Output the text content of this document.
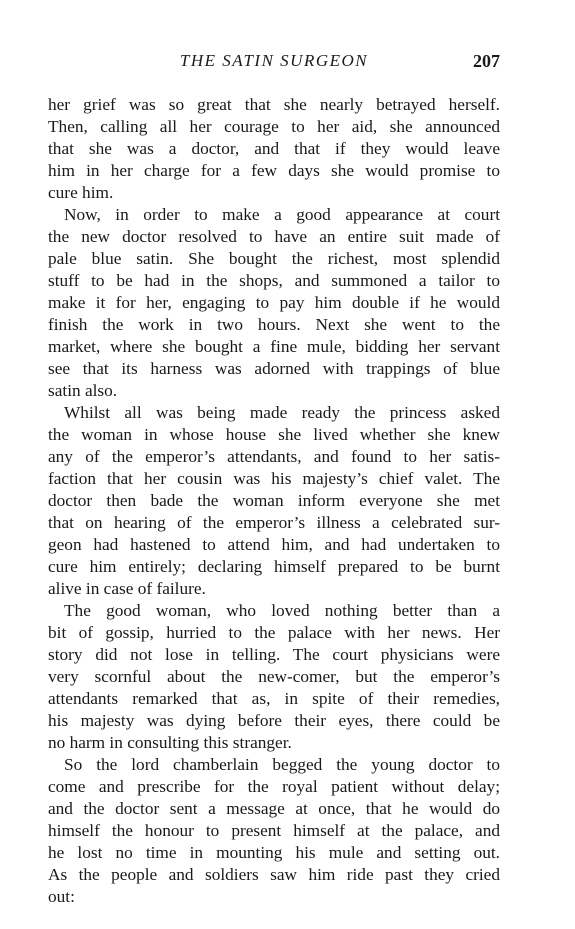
THE SATIN SURGEON	207
her grief was so great that she nearly betrayed herself.
Then, calling all her courage to her aid, she announced
that she was a doctor, and that if they would leave
him in her charge for a few days she would promise to
cure him.
Now, in order to make a good appearance at court
the new doctor resolved to have an entire suit made of
pale blue satin. She bought the richest, most splendid
stuff to be had in the shops, and summoned a tailor to
make it for her, engaging to pay him double if he would
finish the work in two hours. Next she went to the
market, where she bought a fine mule, bidding her servant
see that its harness was adorned with trappings of blue
satin also.
Whilst all was being made ready the princess asked
the woman in whose house she lived whether she knew
any of the emperor’s attendants, and found to her satis-
faction that her cousin was his majesty’s chief valet. The
doctor then bade the woman inform everyone she met
that on hearing of the emperor’s illness a celebrated sur-
geon had hastened to attend him, and had undertaken to
cure him entirely; declaring himself prepared to be burnt
alive in case of failure.
The good woman, who loved nothing better than a
bit of gossip, hurried to the palace with her news. Her
story did not lose in telling. The court physicians were
very scornful about the new-comer, but the emperor’s
attendants remarked that as, in spite of their remedies,
his majesty was dying before their eyes, there could be
no harm in consulting this stranger.
So the lord chamberlain begged the young doctor to
come and prescribe for the royal patient without delay;
and the doctor sent a message at once, that he would do
himself the honour to present himself at the palace, and
he lost no time in mounting his mule and setting out.
As the people and soldiers saw him ride past they cried
out:
